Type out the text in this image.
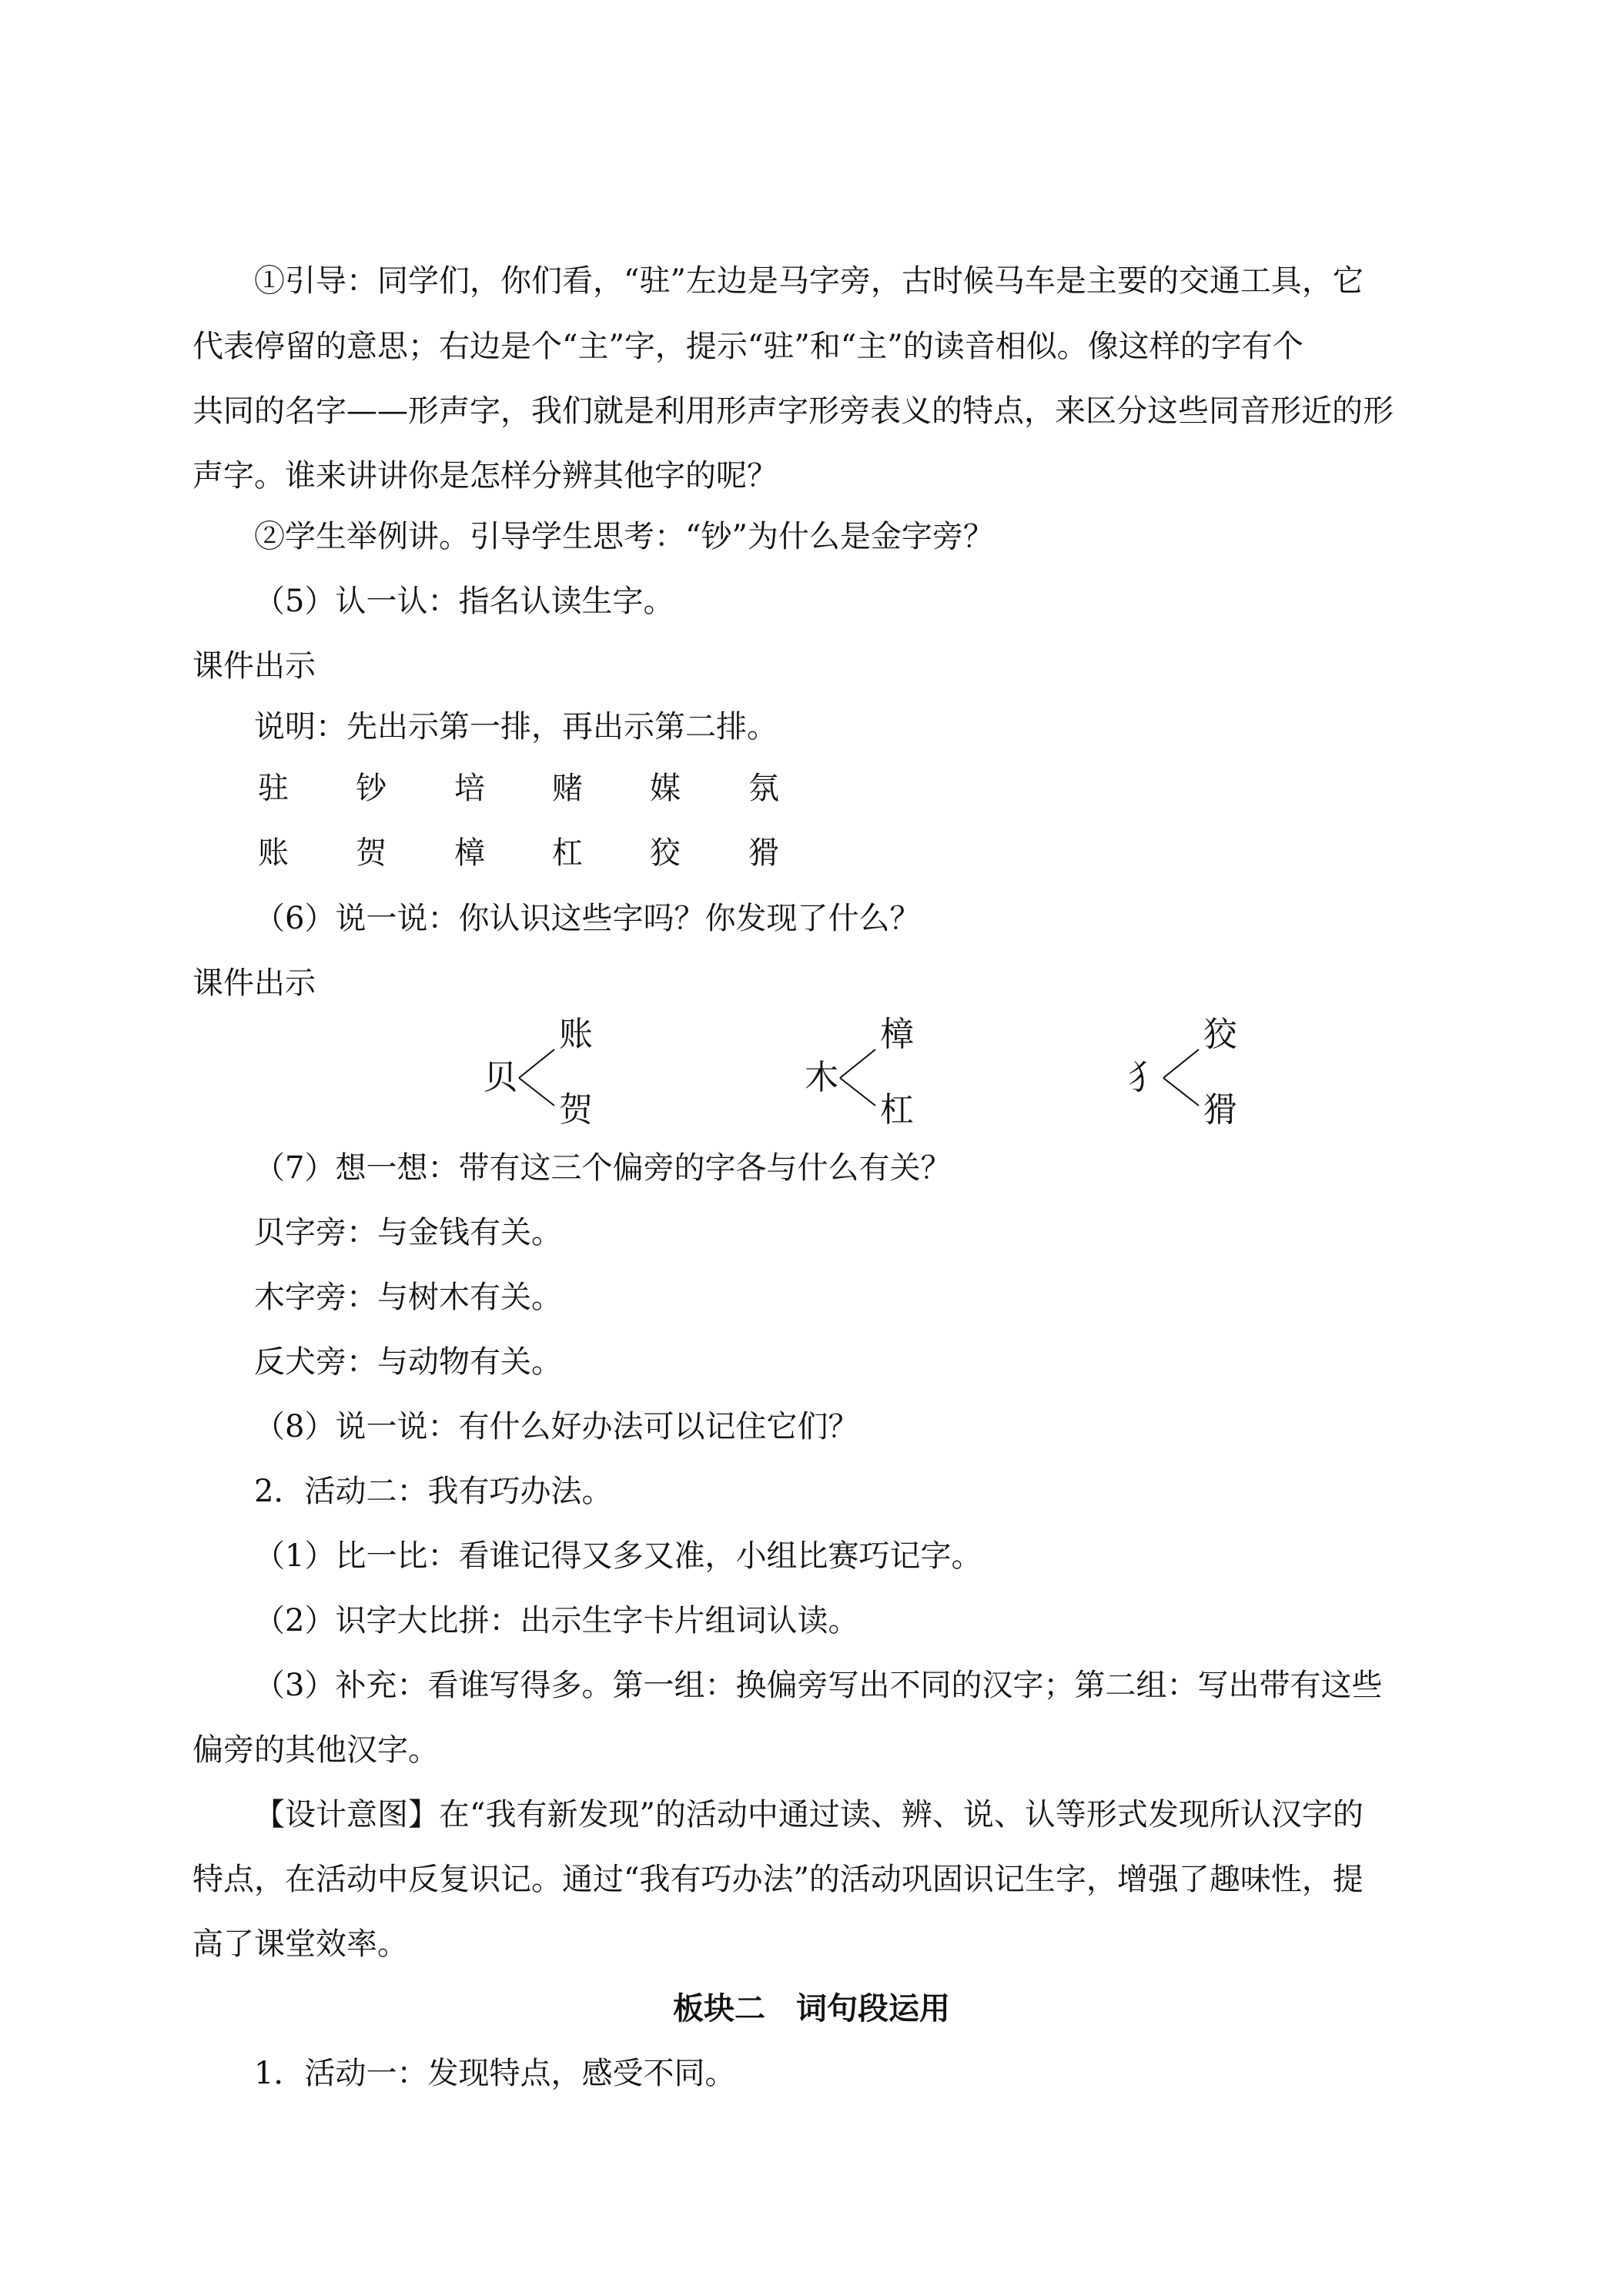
①引导：同学们，你们看，“驻”左边是马字旁，古时候马车是主要的交通工具，它
代表停留的意思；右边是个“主”字，提示“驻”和“主”的读音相似。像这样的字有个
共同的名字——形声字，我们就是利用形声字形旁表义的特点，来区分这些同音形近的形
声字。谁来讲讲你是怎样分辨其他字的呢？
②学生举例讲。引导学生思考：“钞”为什么是金字旁？
（5）认一认：指名认读生字。
课件出示
说明：先出示第一排，再出示第二排。
驻 钞 培 赌 媒 氛
账 贺 樟 杠 狡 猾
（6）说一说：你认识这些字吗？你发现了什么？
课件出示
贝
账
贺
木
樟
杠
犭
狡
猾
（7）想一想：带有这三个偏旁的字各与什么有关？
贝字旁：与金钱有关。
木字旁：与树木有关。
反犬旁：与动物有关。
（8）说一说：有什么好办法可以记住它们？
2．活动二：我有巧办法。
（1）比一比：看谁记得又多又准，小组比赛巧记字。
（2）识字大比拼：出示生字卡片组词认读。
（3）补充：看谁写得多。第一组：换偏旁写出不同的汉字；第二组：写出带有这些
偏旁的其他汉字。
【设计意图】在“我有新发现”的活动中通过读、辨、说、认等形式发现所认汉字的
特点，在活动中反复识记。通过“我有巧办法”的活动巩固识记生字，增强了趣味性，提
高了课堂效率。
板块二　词句段运用
1．活动一：发现特点，感受不同。
